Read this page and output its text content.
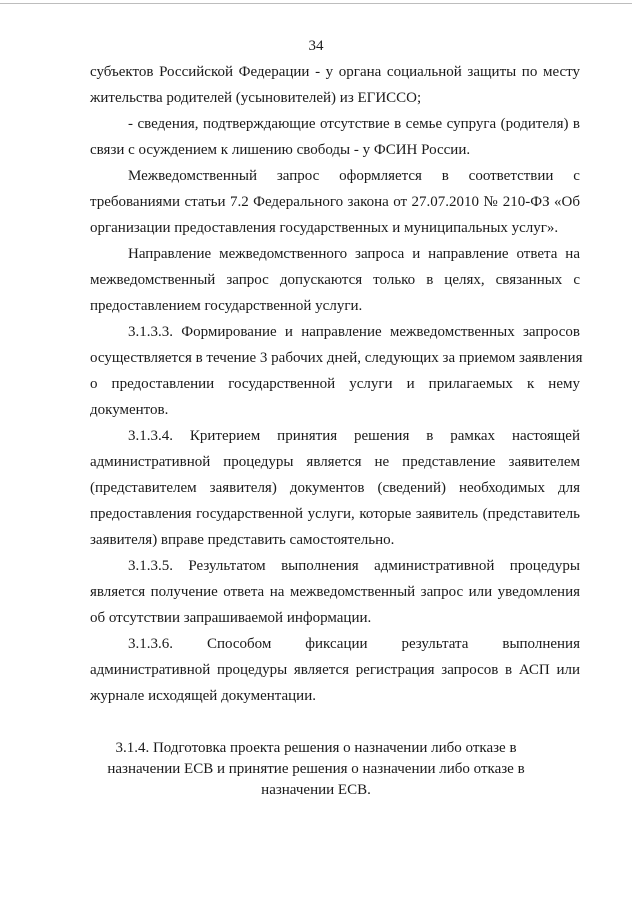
34
субъектов Российской Федерации - у органа социальной защиты по месту
жительства родителей (усыновителей) из ЕГИССО;
- сведения, подтверждающие отсутствие в семье супруга (родителя) в
связи с осуждением к лишению свободы - у ФСИН России.
Межведомственный запрос оформляется в соответствии с
требованиями статьи 7.2 Федерального закона от 27.07.2010 № 210-ФЗ «Об
организации предоставления государственных и муниципальных услуг».
Направление межведомственного запроса и направление ответа на
межведомственный запрос допускаются только в целях, связанных с
предоставлением государственной услуги.
3.1.3.3. Формирование и направление межведомственных запросов
осуществляется в течение 3 рабочих дней, следующих за приемом заявления
о предоставлении государственной услуги и прилагаемых к нему
документов.
3.1.3.4. Критерием принятия решения в рамках настоящей
административной процедуры является не представление заявителем
(представителем заявителя) документов (сведений) необходимых для
предоставления государственной услуги, которые заявитель (представитель
заявителя) вправе представить самостоятельно.
3.1.3.5. Результатом выполнения административной процедуры
является получение ответа на межведомственный запрос или уведомления
об отсутствии запрашиваемой информации.
3.1.3.6. Способом фиксации результата выполнения
административной процедуры является регистрация запросов в АСП или
журнале исходящей документации.
3.1.4. Подготовка проекта решения о назначении либо отказе в
назначении ЕСВ и принятие решения о назначении либо отказе в
назначении ЕСВ.
